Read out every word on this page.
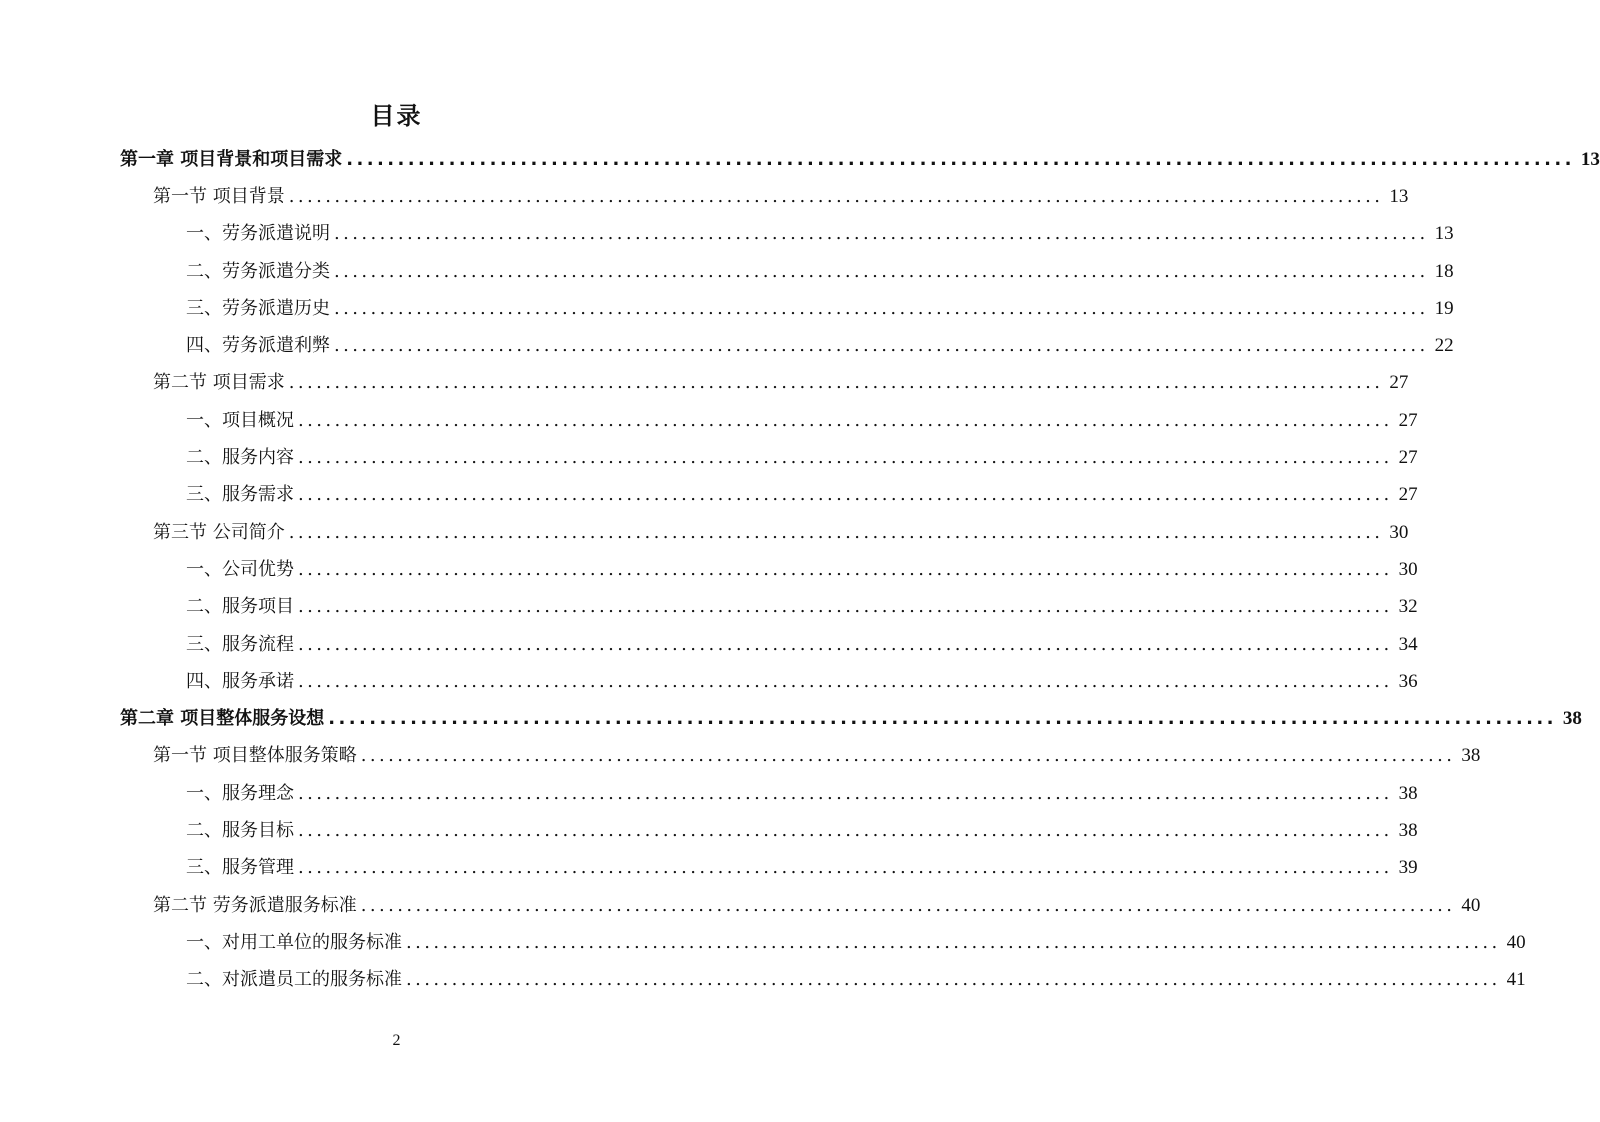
目录
第一章 项目背景和项目需求 ........................................................................................................................ 13
第一节 项目背景 ........................................................................................................................ 13
一、劳务派遣说明 ........................................................................................................................ 13
二、劳务派遣分类 ........................................................................................................................ 18
三、劳务派遣历史 ........................................................................................................................ 19
四、劳务派遣利弊 ........................................................................................................................ 22
第二节 项目需求 ........................................................................................................................ 27
一、项目概况 ........................................................................................................................ 27
二、服务内容 ........................................................................................................................ 27
三、服务需求 ........................................................................................................................ 27
第三节 公司简介 ........................................................................................................................ 30
一、公司优势 ........................................................................................................................ 30
二、服务项目 ........................................................................................................................ 32
三、服务流程 ........................................................................................................................ 34
四、服务承诺 ........................................................................................................................ 36
第二章 项目整体服务设想 ........................................................................................................................ 38
第一节 项目整体服务策略 ........................................................................................................................ 38
一、服务理念 ........................................................................................................................ 38
二、服务目标 ........................................................................................................................ 38
三、服务管理 ........................................................................................................................ 39
第二节 劳务派遣服务标准 ........................................................................................................................ 40
一、对用工单位的服务标准 ........................................................................................................................ 40
二、对派遣员工的服务标准 ........................................................................................................................ 41
2
